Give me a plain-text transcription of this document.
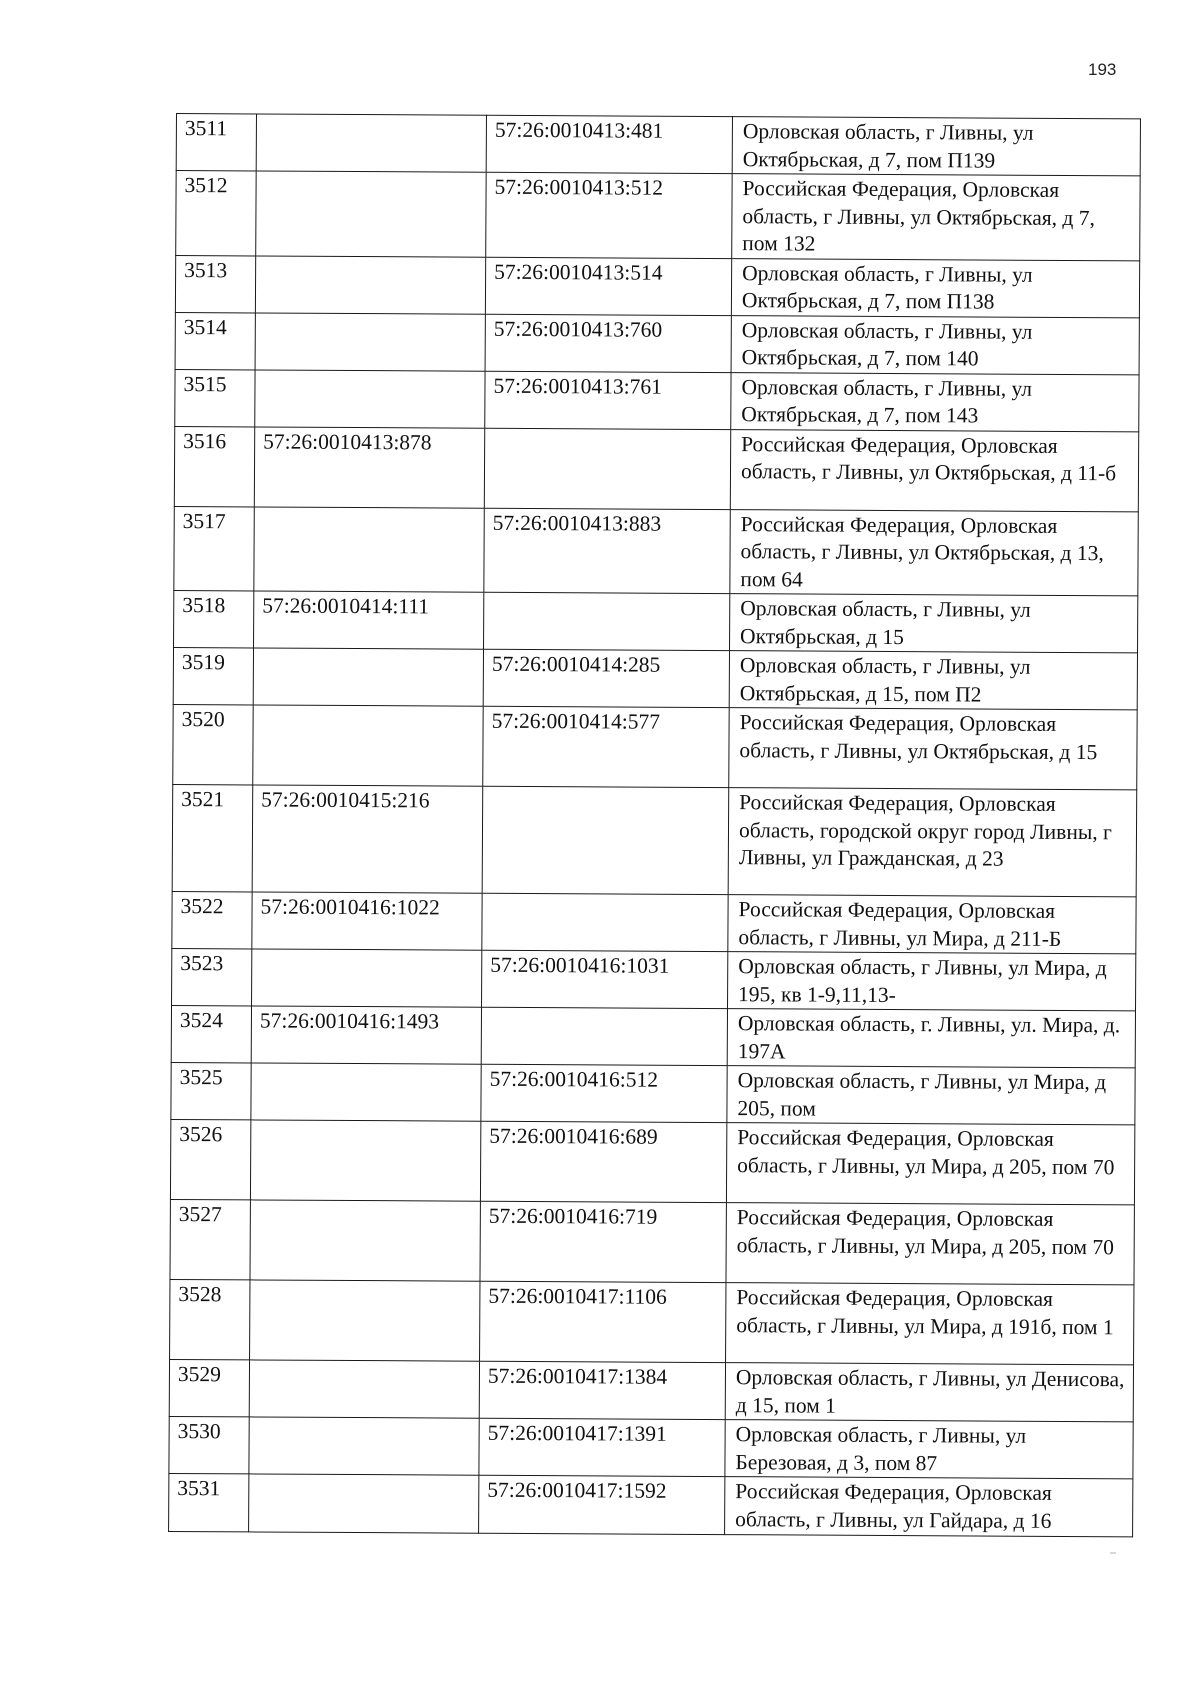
193
3511		57:26:0010413:481	Орловская область, г Ливны, ул Октябрьская, д 7, пом П139
3512		57:26:0010413:512	Российская Федерация, Орловская область, г Ливны, ул Октябрьская, д 7, пом 132
3513		57:26:0010413:514	Орловская область, г Ливны, ул Октябрьская, д 7, пом П138
3514		57:26:0010413:760	Орловская область, г Ливны, ул Октябрьская, д 7, пом 140
3515		57:26:0010413:761	Орловская область, г Ливны, ул Октябрьская, д 7, пом 143
3516	57:26:0010413:878		Российская Федерация, Орловская область, г Ливны, ул Октябрьская, д 11-б
3517		57:26:0010413:883	Российская Федерация, Орловская область, г Ливны, ул Октябрьская, д 13, пом 64
3518	57:26:0010414:111		Орловская область, г Ливны, ул Октябрьская, д 15
3519		57:26:0010414:285	Орловская область, г Ливны, ул Октябрьская, д 15, пом П2
3520		57:26:0010414:577	Российская Федерация, Орловская область, г Ливны, ул Октябрьская, д 15
3521	57:26:0010415:216		Российская Федерация, Орловская область, городской округ город Ливны, г Ливны, ул Гражданская, д 23
3522	57:26:0010416:1022		Российская Федерация, Орловская область, г Ливны, ул Мира, д 211-Б
3523		57:26:0010416:1031	Орловская область, г Ливны, ул Мира, д 195, кв 1-9,11,13-
3524	57:26:0010416:1493		Орловская область, г. Ливны, ул. Мира, д. 197А
3525		57:26:0010416:512	Орловская область, г Ливны, ул Мира, д 205, пом
3526		57:26:0010416:689	Российская Федерация, Орловская область, г Ливны, ул Мира, д 205, пом 70
3527		57:26:0010416:719	Российская Федерация, Орловская область, г Ливны, ул Мира, д 205, пом 70
3528		57:26:0010417:1106	Российская Федерация, Орловская область, г Ливны, ул Мира, д 191б, пом 1
3529		57:26:0010417:1384	Орловская область, г Ливны, ул Денисова, д 15, пом 1
3530		57:26:0010417:1391	Орловская область, г Ливны, ул Березовая, д 3, пом 87
3531		57:26:0010417:1592	Российская Федерация, Орловская область, г Ливны, ул Гайдара, д 16
